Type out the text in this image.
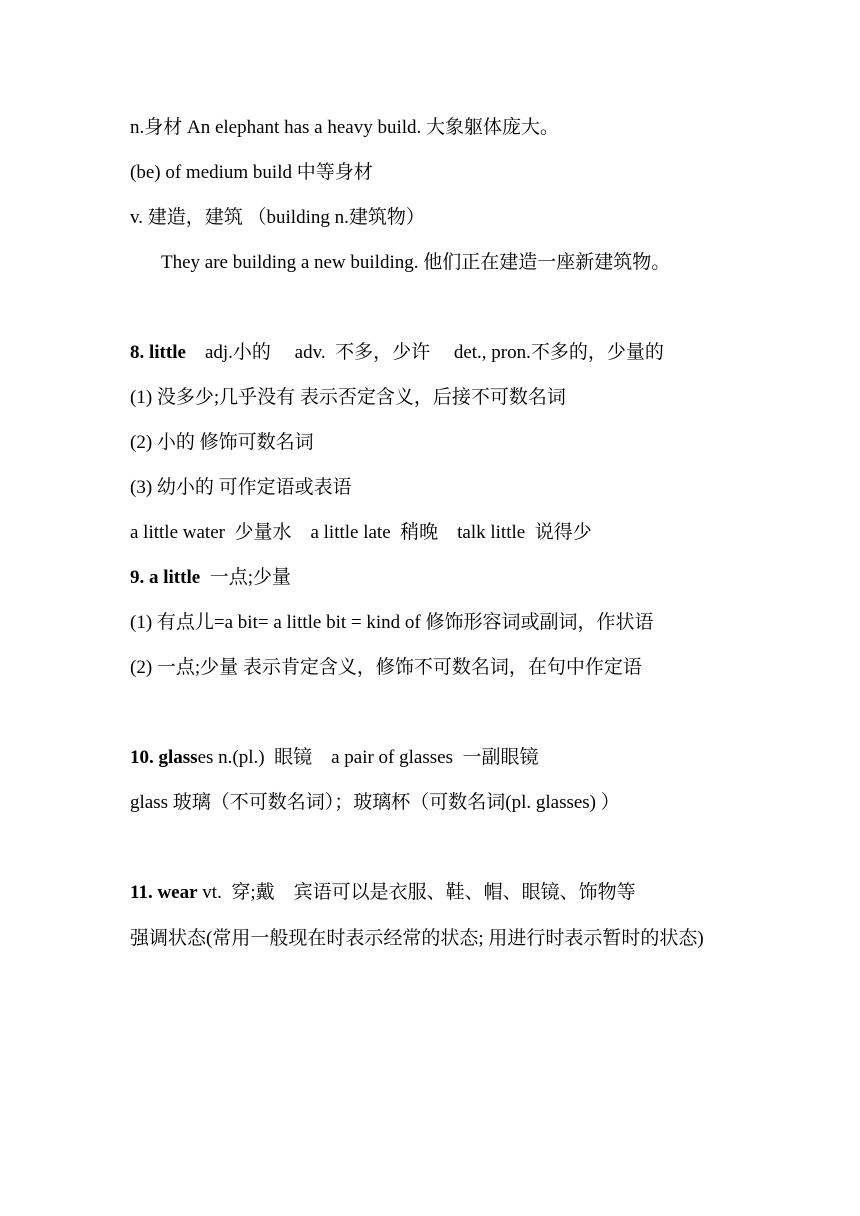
n.身材 An elephant has a heavy build. 大象躯体庞大。
(be) of medium build 中等身材
v. 建造，建筑 （building n.建筑物）
They are building a new building. 他们正在建造一座新建筑物。
8. little    adj.小的     adv.  不多，少许     det., pron.不多的，少量的
(1) 没多少;几乎没有 表示否定含义，后接不可数名词
(2) 小的 修饰可数名词
(3) 幼小的 可作定语或表语
a little water  少量水    a little late  稍晚    talk little  说得少
9. a little  一点;少量
(1) 有点儿=a bit= a little bit = kind of 修饰形容词或副词，作状语
(2) 一点;少量 表示肯定含义，修饰不可数名词，在句中作定语
10. glasses n.(pl.)  眼镜    a pair of glasses  一副眼镜
glass 玻璃（不可数名词）；玻璃杯（可数名词(pl. glasses) ）
11. wear vt.  穿;戴    宾语可以是衣服、鞋、帽、眼镜、饰物等
强调状态(常用一般现在时表示经常的状态; 用进行时表示暂时的状态)
